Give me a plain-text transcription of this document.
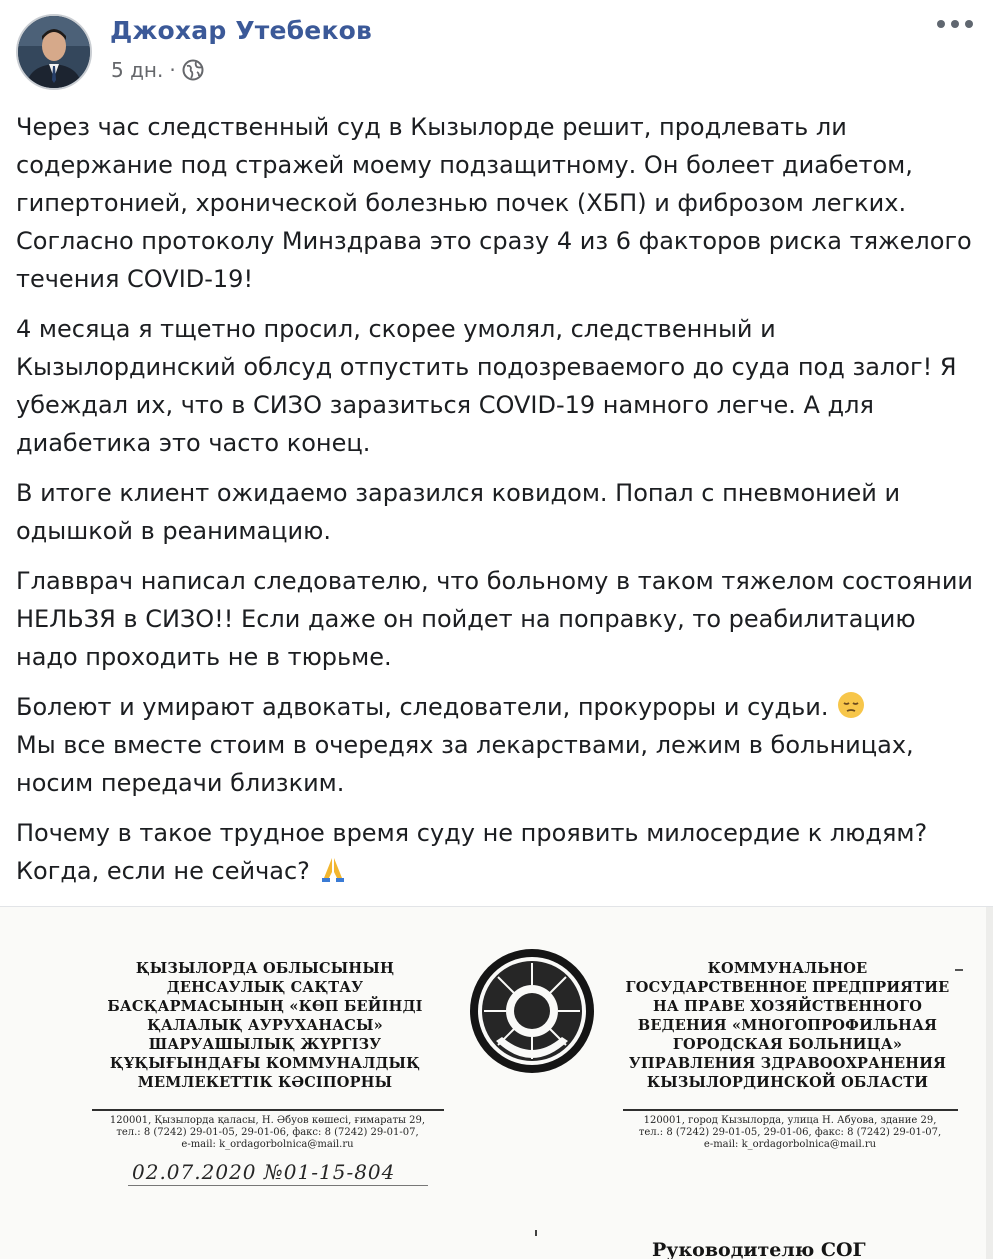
Джохар Утебеков
5 дн. ·

Через час следственный суд в Кызылорде решит, продлевать ли содержание под стражей моему подзащитному. Он болеет диабетом, гипертонией, хронической болезнью почек (ХБП) и фиброзом легких. Согласно протоколу Минздрава это сразу 4 из 6 факторов риска тяжелого течения COVID-19!

4 месяца я тщетно просил, скорее умолял, следственный и Кызылординский облсуд отпустить подозреваемого до суда под залог! Я убеждал их, что в СИЗО заразиться COVID-19 намного легче. А для диабетика это часто конец.

В итоге клиент ожидаемо заразился ковидом. Попал с пневмонией и одышкой в реанимацию.

Главврач написал следователю, что больному в таком тяжелом состоянии НЕЛЬЗЯ в СИЗО!! Если даже он пойдет на поправку, то реабилитацию надо проходить не в тюрьме.

Болеют и умирают адвокаты, следователи, прокуроры и судьи.
Мы все вместе стоим в очередях за лекарствами, лежим в больницах, носим передачи близким.

Почему в такое трудное время суду не проявить милосердие к людям? Когда, если не сейчас?

ҚЫЗЫЛОРДА ОБЛЫСЫНЫҢ
ДЕНСАУЛЫҚ САҚТАУ
БАСҚАРМАСЫНЫҢ «КӨП БЕЙІНДІ
ҚАЛАЛЫҚ АУРУХАНАСЫ»
ШАРУАШЫЛЫҚ ЖҮРГІЗУ
ҚҰҚЫҒЫНДАҒЫ КОММУНАЛДЫҚ
МЕМЛЕКЕТТІК КӘСІПОРНЫ
КОММУНАЛЬНОЕ
ГОСУДАРСТВЕННОЕ ПРЕДПРИЯТИЕ
НА ПРАВЕ ХОЗЯЙСТВЕННОГО
ВЕДЕНИЯ «МНОГОПРОФИЛЬНАЯ
ГОРОДСКАЯ БОЛЬНИЦА»
УПРАВЛЕНИЯ ЗДРАВООХРАНЕНИЯ
КЫЗЫЛОРДИНСКОЙ ОБЛАСТИ
120001, Қызылорда қаласы, Н. Әбуов көшесі, ғимараты 29,
тел.: 8 (7242) 29-01-05, 29-01-06, факс: 8 (7242) 29-01-07,
e-mail: k_ordagorbolnica@mail.ru
120001, город Кызылорда, улица Н. Абуова, здание 29,
тел.: 8 (7242) 29-01-05, 29-01-06, факс: 8 (7242) 29-01-07,
e-mail: k_ordagorbolnica@mail.ru
02.07.2020 №01-15-804
Руководителю СОГ
